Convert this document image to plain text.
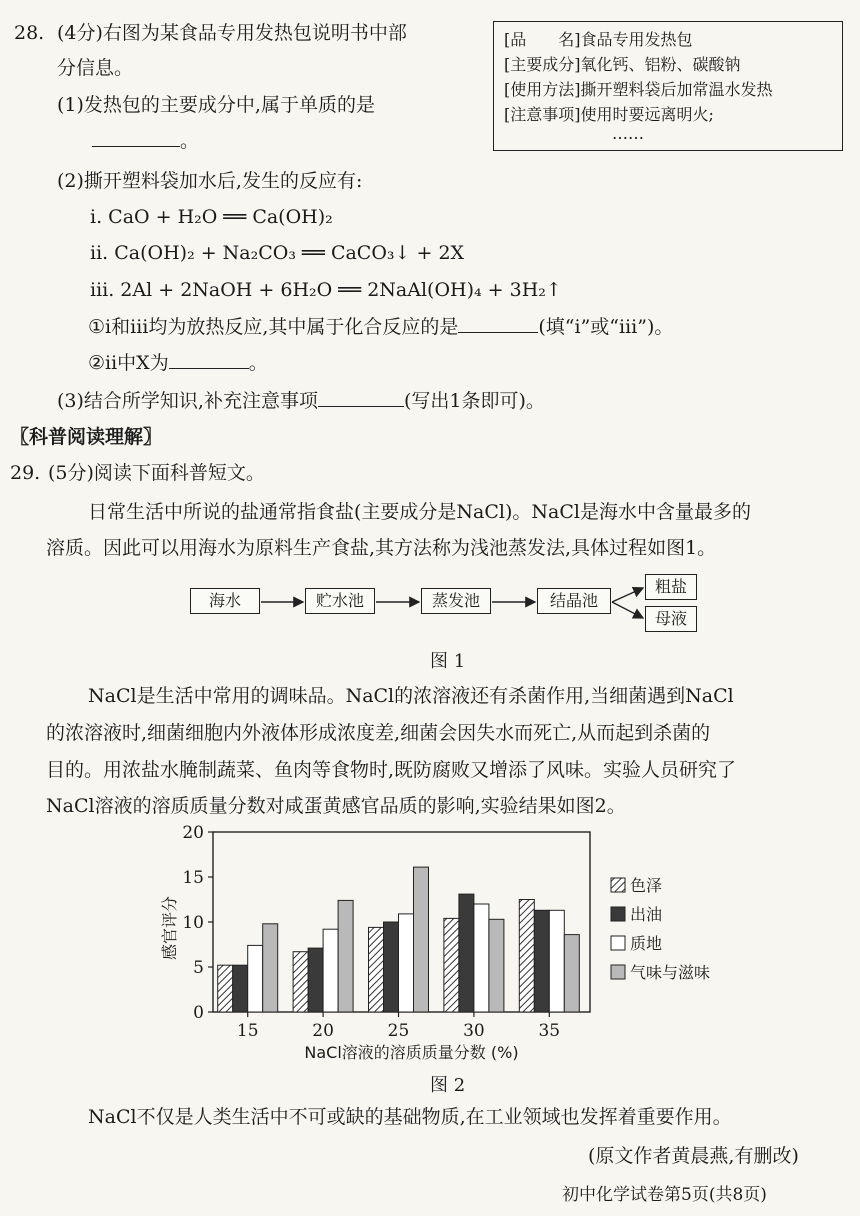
28. (4分)右图为某食品专用发热包说明书中部
分信息。
(1)发热包的主要成分中,属于单质的是
。
[品　　名]食品专用发热包
[主要成分]氧化钙、铝粉、碳酸钠
[使用方法]撕开塑料袋后加常温水发热
[注意事项]使用时要远离明火;
……
(2)撕开塑料袋加水后,发生的反应有:
ⅰ. CaO + H₂O ══ Ca(OH)₂
ⅱ. Ca(OH)₂ + Na₂CO₃ ══ CaCO₃↓ + 2X
ⅲ. 2Al + 2NaOH + 6H₂O ══ 2NaAl(OH)₄ + 3H₂↑
①ⅰ和ⅲ均为放热反应,其中属于化合反应的是	(填“ⅰ”或“ⅲ”)。
②ⅱ中X为	。
(3)结合所学知识,补充注意事项	(写出1条即可)。
〖科普阅读理解〗
29. (5分)阅读下面科普短文。
日常生活中所说的盐通常指食盐(主要成分是NaCl)。NaCl是海水中含量最多的
溶质。因此可以用海水为原料生产食盐,其方法称为浅池蒸发法,具体过程如图1。
海水	贮水池	蒸发池	结晶池
粗盐
母液
图 1
NaCl是生活中常用的调味品。NaCl的浓溶液还有杀菌作用,当细菌遇到NaCl
的浓溶液时,细菌细胞内外液体形成浓度差,细菌会因失水而死亡,从而起到杀菌的
目的。用浓盐水腌制蔬菜、鱼肉等食物时,既防腐败又增添了风味。实验人员研究了
NaCl溶液的溶质质量分数对咸蛋黄感官品质的影响,实验结果如图2。
0
5
10
15
20
感官评分
15	20	25	30	35
NaCl溶液的溶质质量分数 (%)
色泽
出油
质地
气味与滋味
图 2
NaCl不仅是人类生活中不可或缺的基础物质,在工业领域也发挥着重要作用。
(原文作者黄晨燕,有删改)
初中化学试卷第5页(共8页)
